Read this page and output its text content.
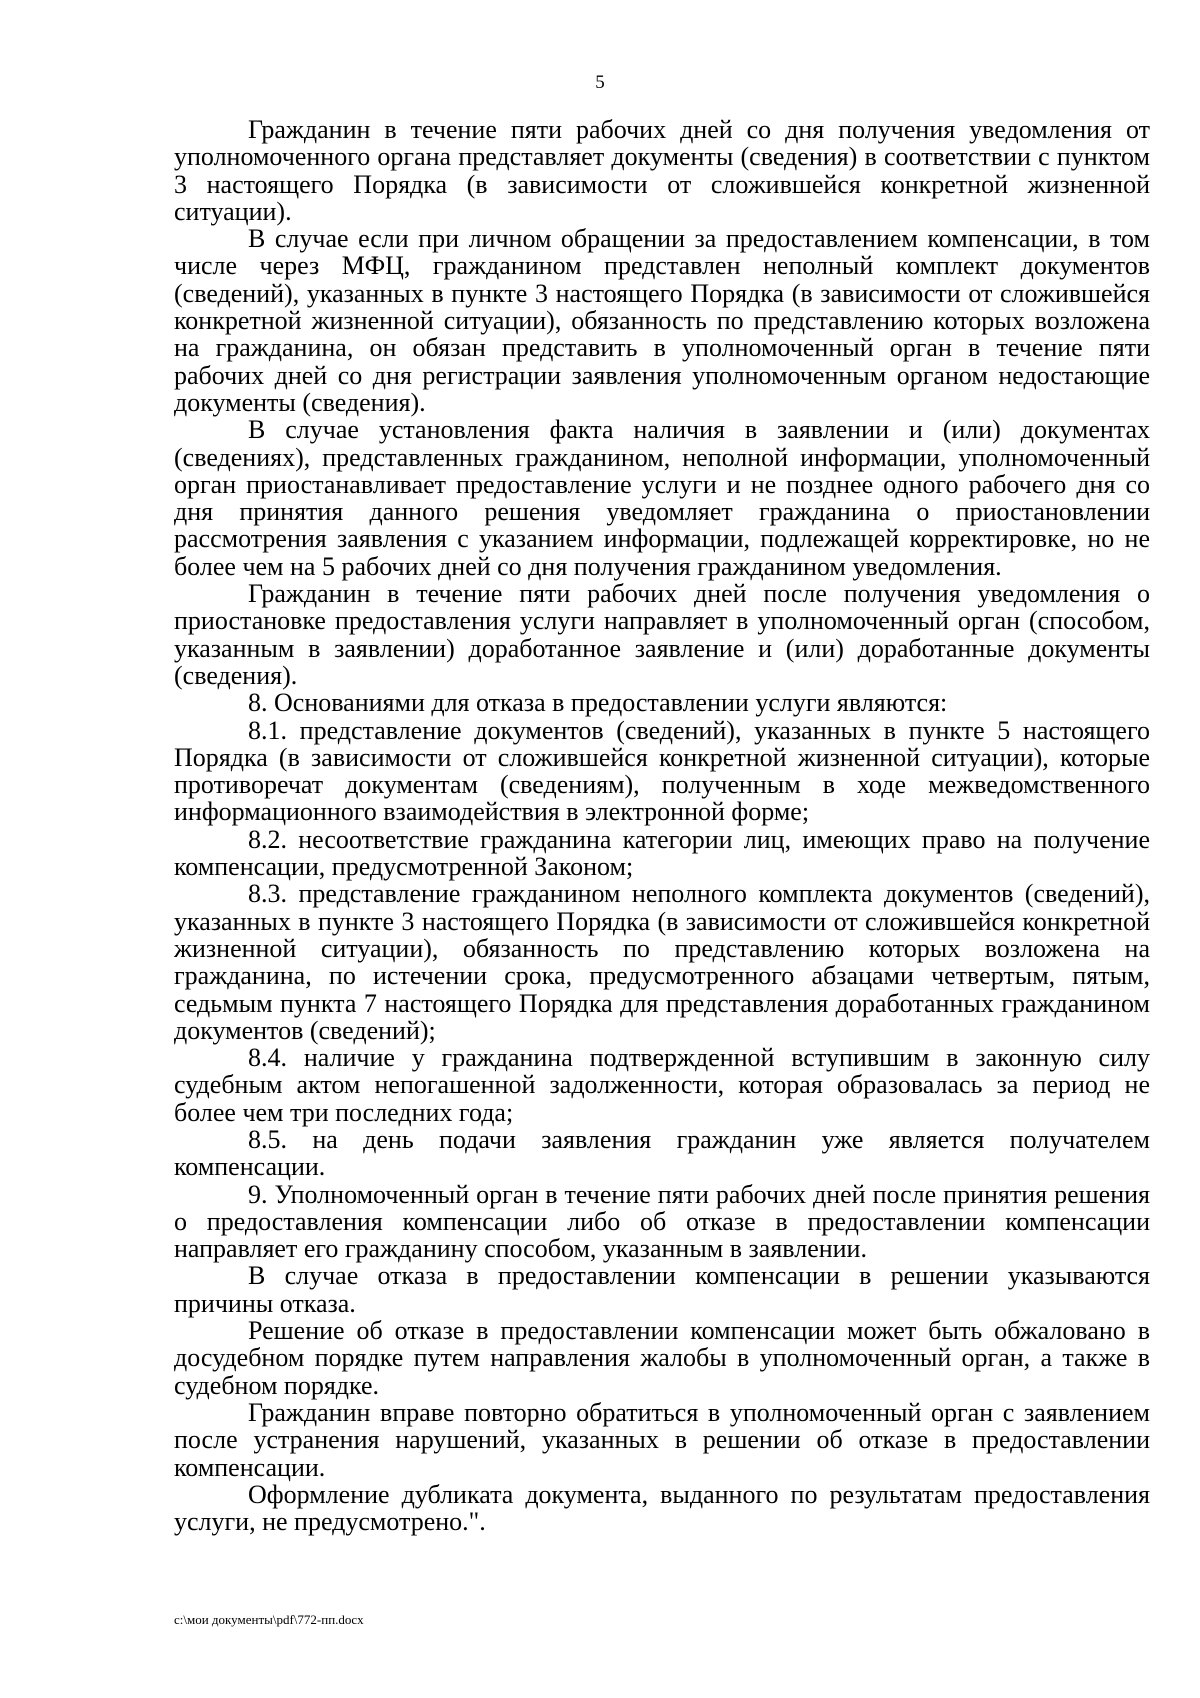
5

Гражданин в течение пяти рабочих дней со дня получения уведомления от уполномоченного органа представляет документы (сведения) в соответствии с пунктом 3 настоящего Порядка (в зависимости от сложившейся конкретной жизненной ситуации).

В случае если при личном обращении за предоставлением компенсации, в том числе через МФЦ, гражданином представлен неполный комплект документов (сведений), указанных в пункте 3 настоящего Порядка (в зависимости от сложившейся конкретной жизненной ситуации), обязанность по представлению которых возложена на гражданина, он обязан представить в уполномоченный орган в течение пяти рабочих дней со дня регистрации заявления уполномоченным органом недостающие документы (сведения).

В случае установления факта наличия в заявлении и (или) документах (сведениях), представленных гражданином, неполной информации, уполномоченный орган приостанавливает предоставление услуги и не позднее одного рабочего дня со дня принятия данного решения уведомляет гражданина о приостановлении рассмотрения заявления с указанием информации, подлежащей корректировке, но не более чем на 5 рабочих дней со дня получения гражданином уведомления.

Гражданин в течение пяти рабочих дней после получения уведомления о приостановке предоставления услуги направляет в уполномоченный орган (способом, указанным в заявлении) доработанное заявление и (или) доработанные документы (сведения).

8. Основаниями для отказа в предоставлении услуги являются:

8.1. представление документов (сведений), указанных в пункте 5 настоящего Порядка (в зависимости от сложившейся конкретной жизненной ситуации), которые противоречат документам (сведениям), полученным в ходе межведомственного информационного взаимодействия в электронной форме;

8.2. несоответствие гражданина категории лиц, имеющих право на получение компенсации, предусмотренной Законом;

8.3. представление гражданином неполного комплекта документов (сведений), указанных в пункте 3 настоящего Порядка (в зависимости от сложившейся конкретной жизненной ситуации), обязанность по представлению которых возложена на гражданина, по истечении срока, предусмотренного абзацами четвертым, пятым, седьмым пункта 7 настоящего Порядка для представления доработанных гражданином документов (сведений);

8.4. наличие у гражданина подтвержденной вступившим в законную силу судебным актом непогашенной задолженности, которая образовалась за период не более чем три последних года;

8.5. на день подачи заявления гражданин уже является получателем компенсации.

9. Уполномоченный орган в течение пяти рабочих дней после принятия решения о предоставления компенсации либо об отказе в предоставлении компенсации направляет его гражданину способом, указанным в заявлении.

В случае отказа в предоставлении компенсации в решении указываются причины отказа.

Решение об отказе в предоставлении компенсации может быть обжаловано в досудебном порядке путем направления жалобы в уполномоченный орган, а также в судебном порядке.

Гражданин вправе повторно обратиться в уполномоченный орган с заявлением после устранения нарушений, указанных в решении об отказе в предоставлении компенсации.

Оформление дубликата документа, выданного по результатам предоставления услуги, не предусмотрено.".

c:\мои документы\pdf\772-пп.docx
